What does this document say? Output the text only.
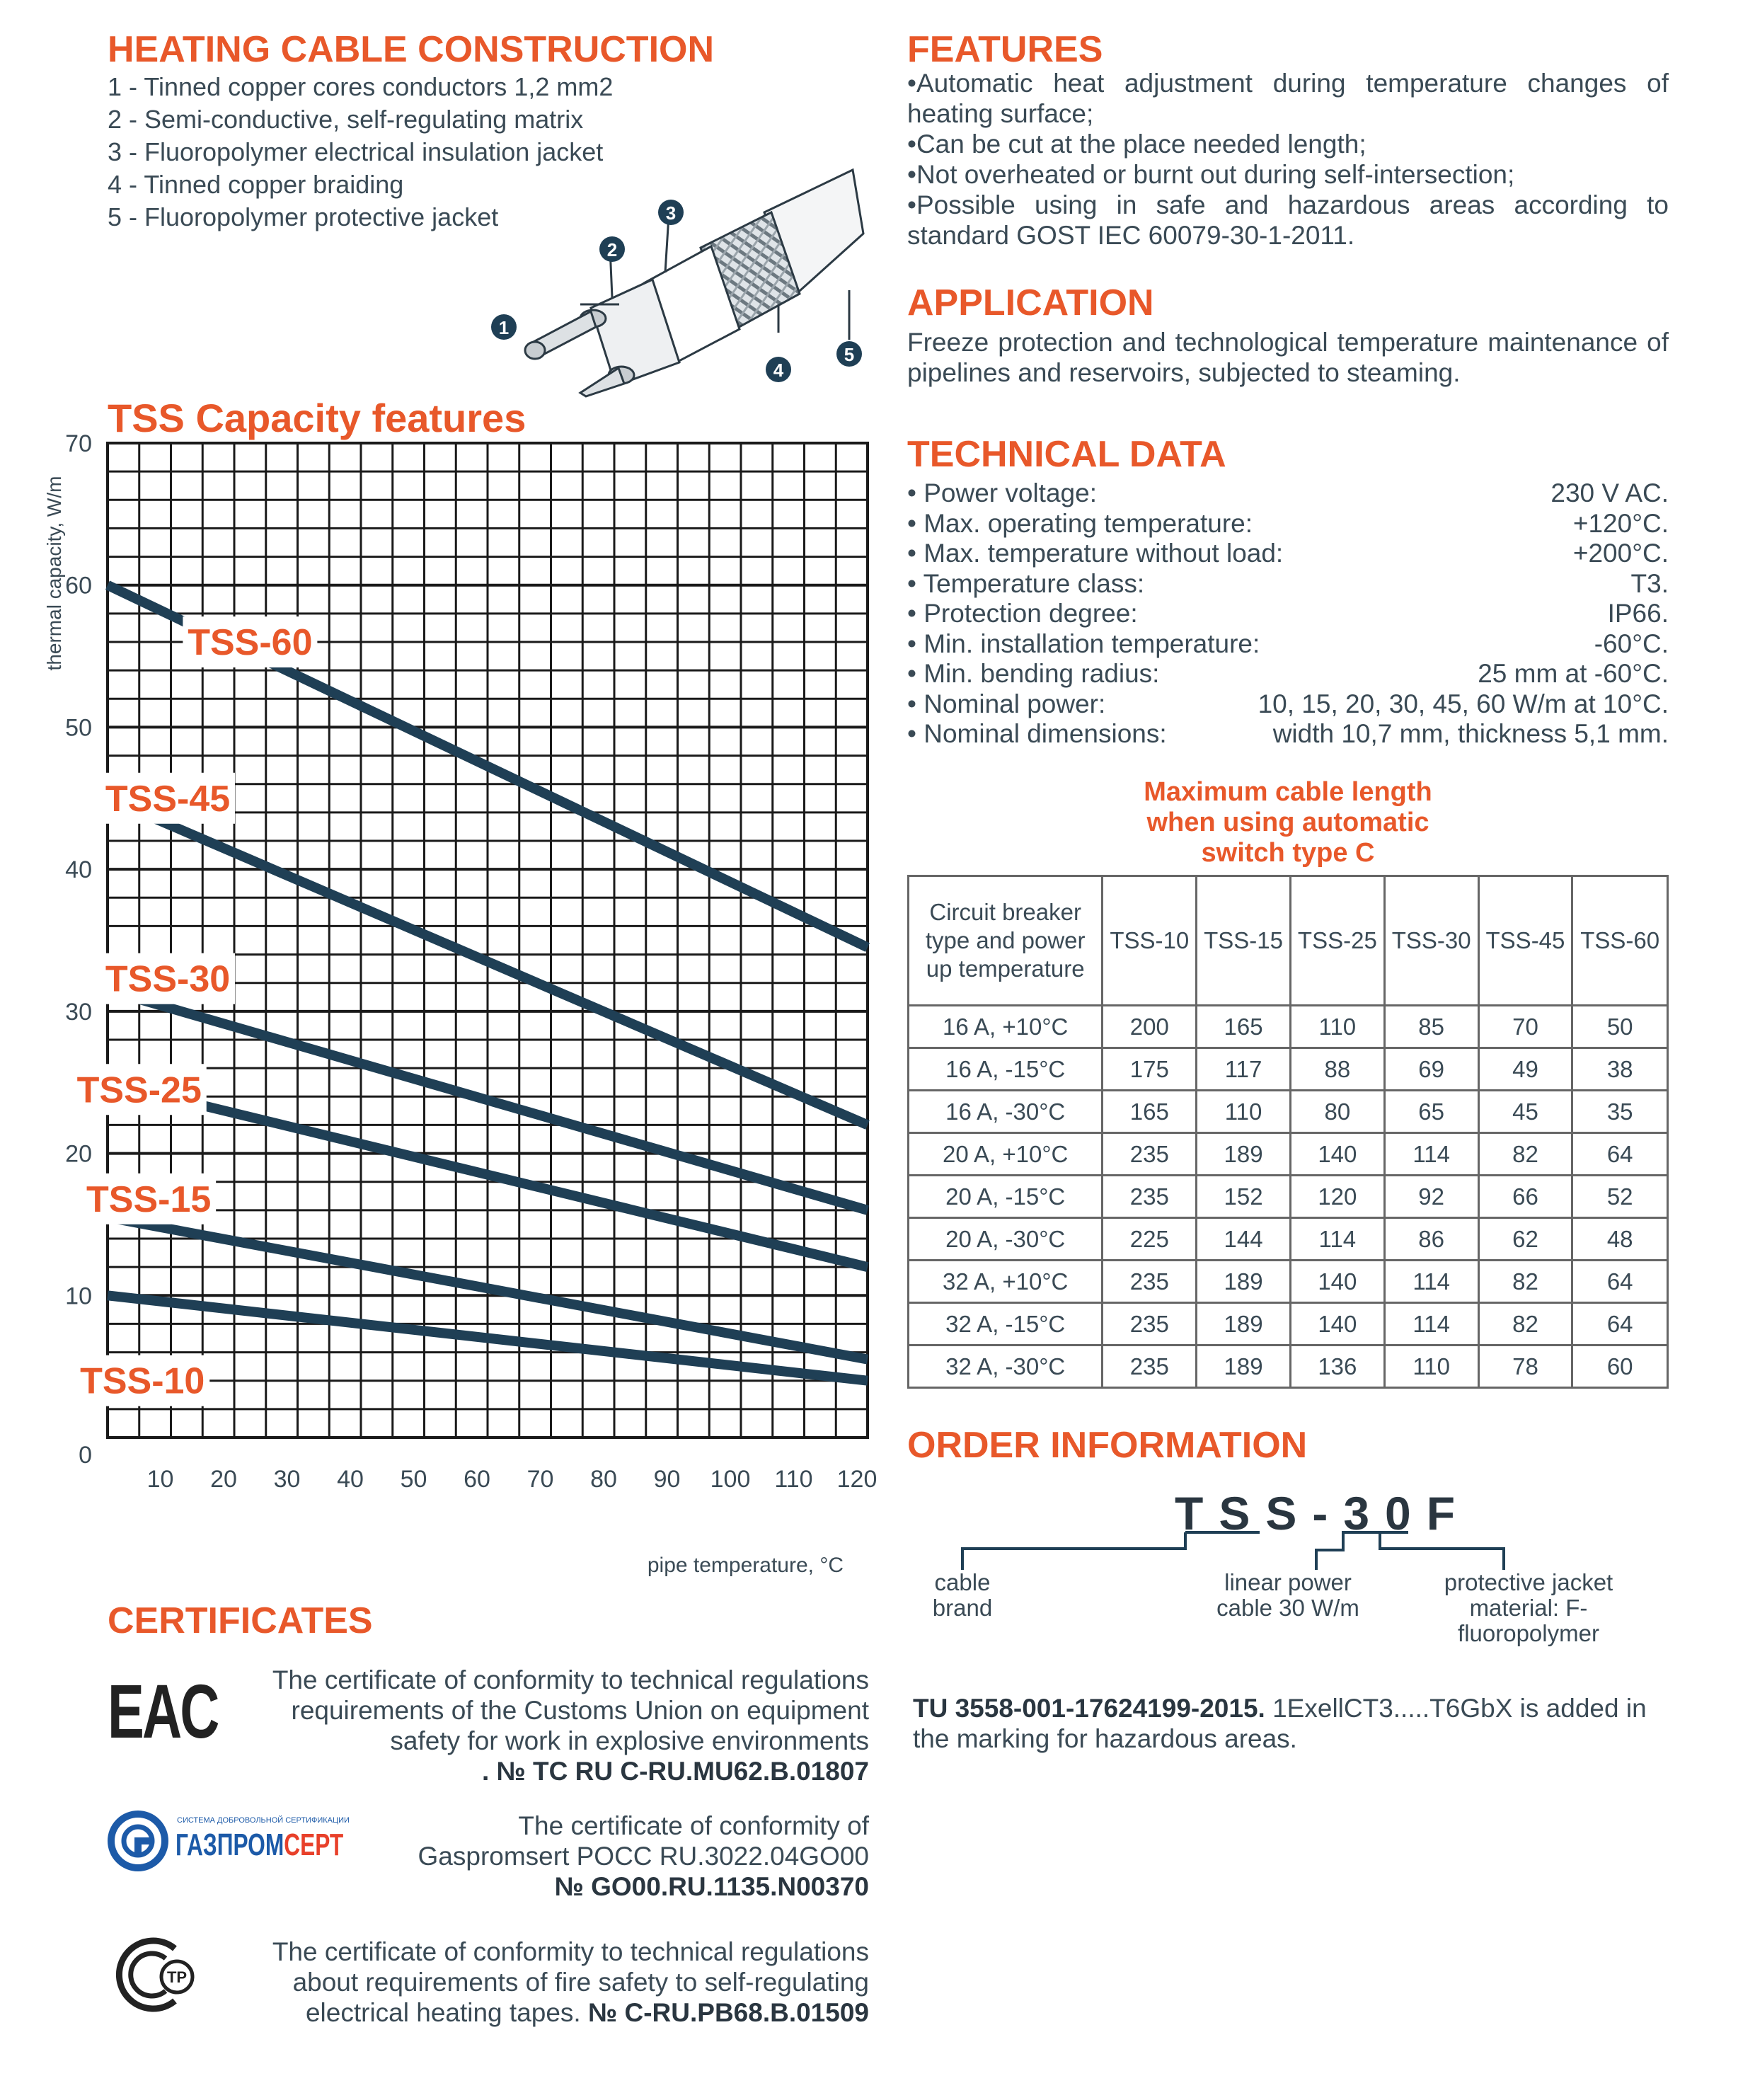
HEATING CABLE CONSTRUCTION
1 - Tinned copper cores conductors 1,2 mm2
2 - Semi-conductive, self-regulating matrix
3 - Fluoropolymer electrical insulation jacket
4 - Tinned copper braiding
5 - Fluoropolymer protective jacket
1
2
3
4
5
TSS Capacity features
TSS-60
TSS-45
TSS-30
TSS-25
TSS-15
TSS-10
0
10
20
30
40
50
60
70
10 20 30 40 50 60 70 80 90 100 110 120
pipe temperature, °C
thermal capacity, W/m
FEATURES
•Automatic heat adjustment during temperature changes of heating surface;
•Can be cut at the place needed length;
•Not overheated or burnt out during self-intersection;
•Possible using in safe and hazardous areas according to standard GOST IEC 60079-30-1-2011.
APPLICATION
Freeze protection and technological temperature maintenance of pipelines and reservoirs, subjected to steaming.
TECHNICAL DATA
• Power voltage:	230 V AC.
• Max. operating temperature:	+120°C.
• Max. temperature without load:	+200°C.
• Temperature class:	T3.
• Protection degree:	IP66.
• Min. installation temperature:	-60°C.
• Min. bending radius:	25 mm at -60°C.
• Nominal power:	10, 15, 20, 30, 45, 60 W/m at 10°C.
• Nominal dimensions:	width 10,7 mm, thickness 5,1 mm.
Maximum cable length
when using automatic
switch type C
Circuit breaker type and power up temperature	TSS-10	TSS-15	TSS-25	TSS-30	TSS-45	TSS-60
16 A, +10°C	200	165	110	85	70	50
16 A, -15°C	175	117	88	69	49	38
16 A, -30°C	165	110	80	65	45	35
20 A, +10°C	235	189	140	114	82	64
20 A, -15°C	235	152	120	92	66	52
20 A, -30°C	225	144	114	86	62	48
32 A, +10°C	235	189	140	114	82	64
32 A, -15°C	235	189	140	114	82	64
32 A, -30°C	235	189	136	110	78	60
ORDER INFORMATION
TSS-30F
cable
brand
linear power
cable 30 W/m
protective jacket
material: F-
fluoropolymer
TU 3558-001-17624199-2015. 1ExellCT3.....T6GbX is added in the marking for hazardous areas.
CERTIFICATES
EAC The certificate of conformity to technical regulations
requirements of the Customs Union on equipment
safety for work in explosive environments
. № TC RU C-RU.MU62.B.01807
СИСТЕМА ДОБРОВОЛЬНОЙ СЕРТИФИКАЦИИ
ГАЗПРОМСЕРТ
The certificate of conformity of
Gaspromsert POCC RU.3022.04GO00
№ GO00.RU.1135.N00370
ТР
The certificate of conformity to technical regulations
about requirements of fire safety to self-regulating
electrical heating tapes. № C-RU.PB68.B.01509
